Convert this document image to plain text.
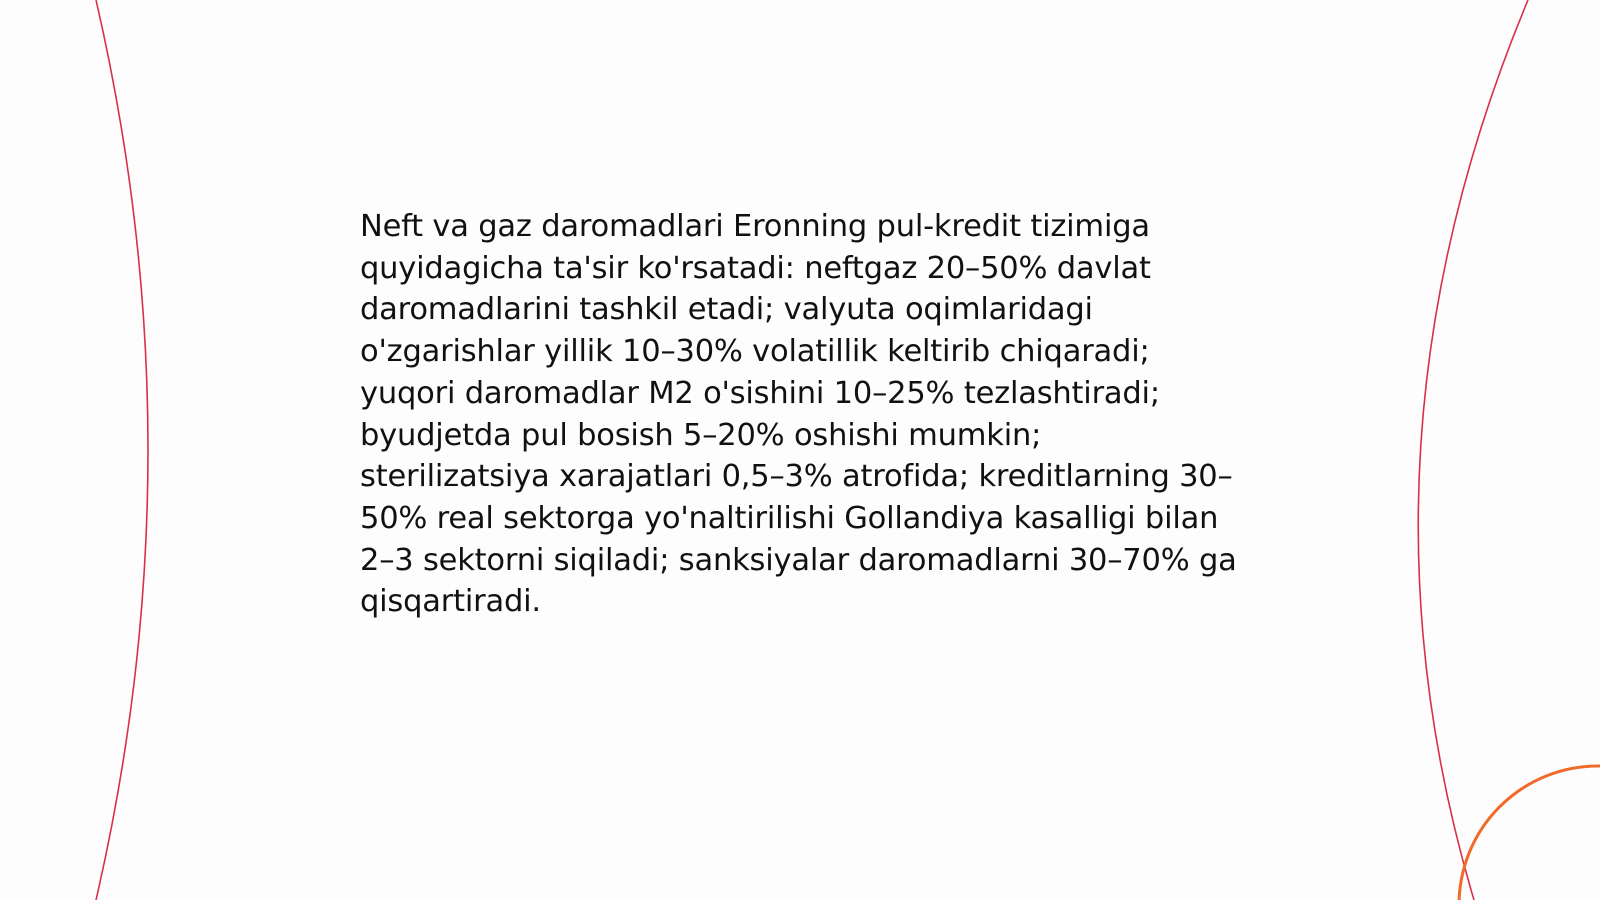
Neft va gaz daromadlari Eronning pul-kredit tizimiga quyidagicha ta'sir ko'rsatadi: neftgaz 20–50% davlat daromadlarini tashkil etadi; valyuta oqimlaridagi o'zgarishlar yillik 10–30% volatillik keltirib chiqaradi; yuqori daromadlar M2 o'sishini 10–25% tezlashtiradi; byudjetda pul bosish 5–20% oshishi mumkin; sterilizatsiya xarajatlari 0,5–3% atrofida; kreditlarning 30–50% real sektorga yo'naltirilishi Gollandiya kasalligi bilan 2–3 sektorni siqiladi; sanksiyalar daromadlarni 30–70% ga qisqartiradi.
